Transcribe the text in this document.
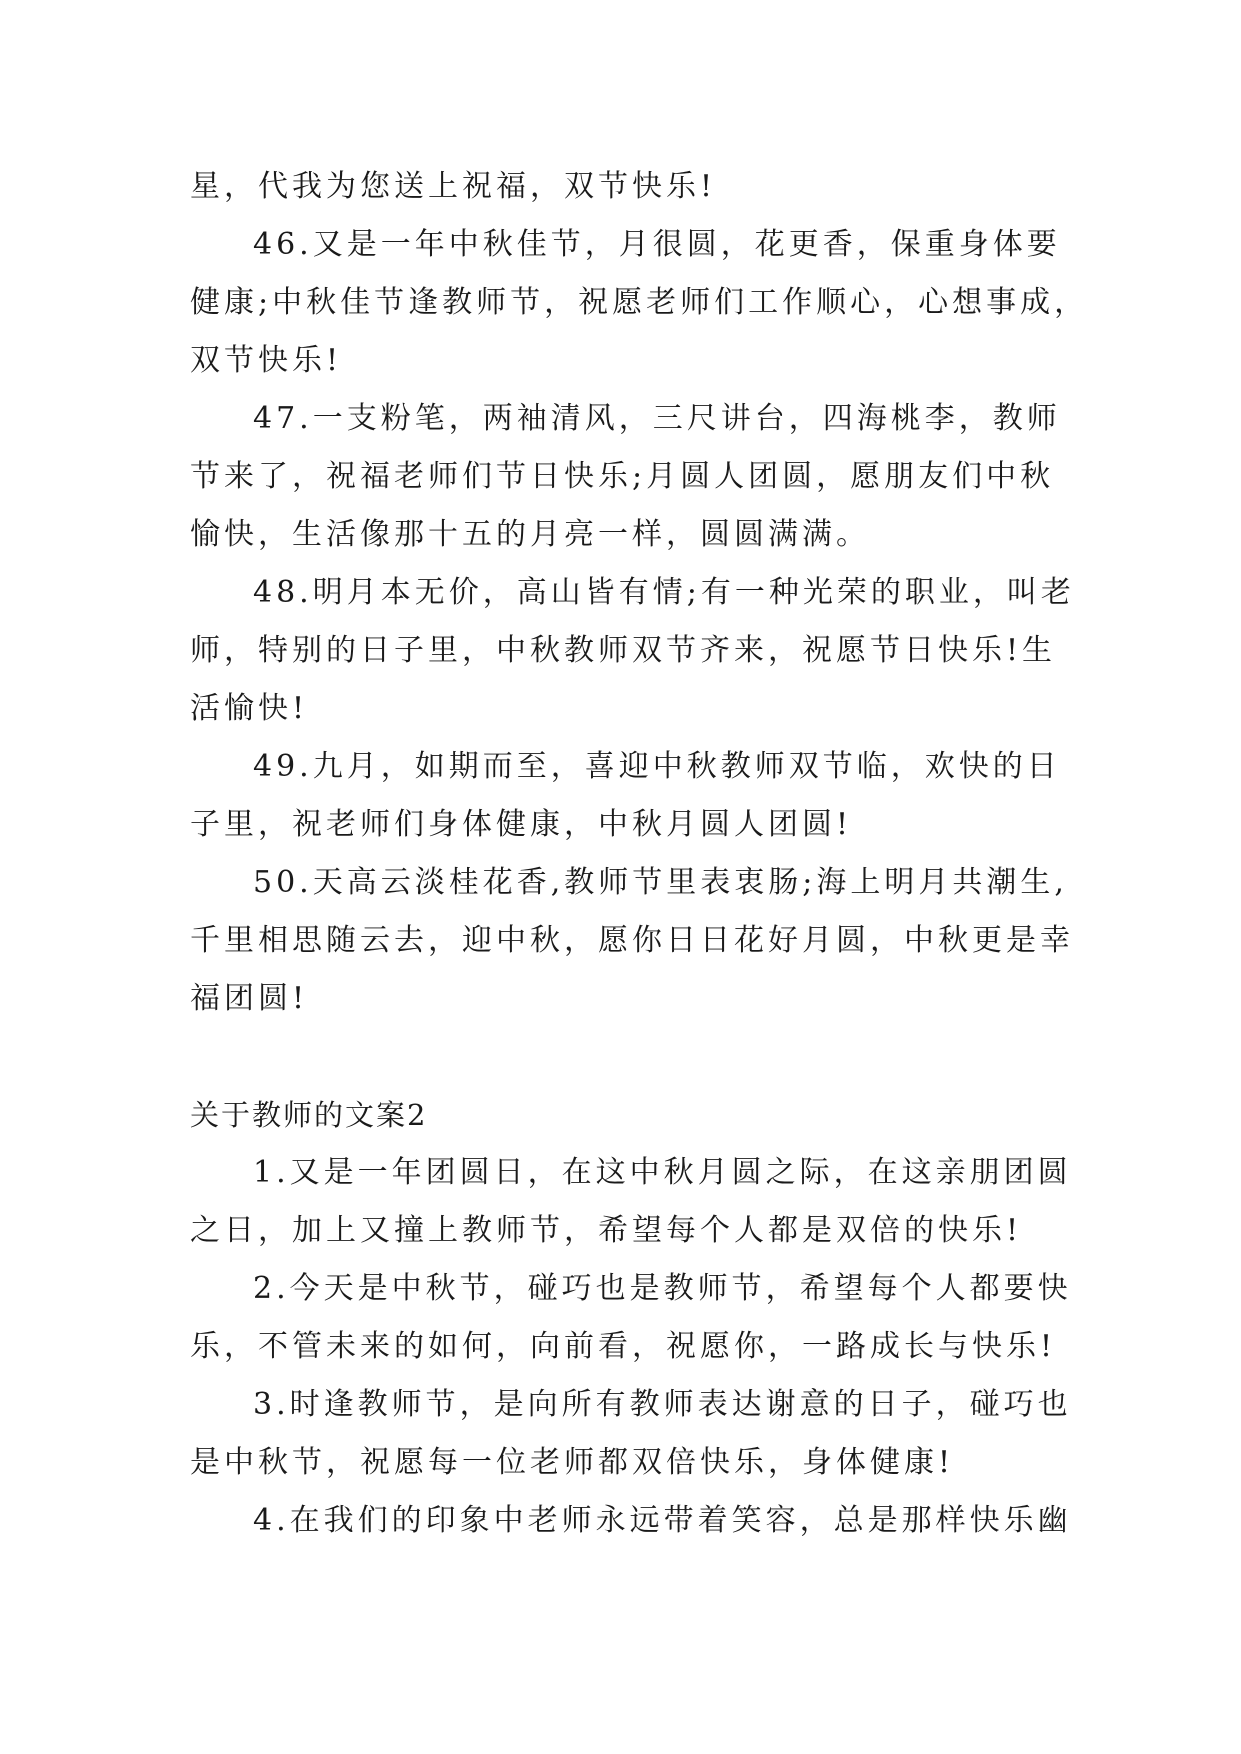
星，代我为您送上祝福，双节快乐!

46.又是一年中秋佳节，月很圆，花更香，保重身体要

健康;中秋佳节逢教师节，祝愿老师们工作顺心，心想事成，

双节快乐!

47.一支粉笔，两袖清风，三尺讲台，四海桃李，教师

节来了，祝福老师们节日快乐;月圆人团圆，愿朋友们中秋

愉快，生活像那十五的月亮一样，圆圆满满。

48.明月本无价，高山皆有情;有一种光荣的职业，叫老

师，特别的日子里，中秋教师双节齐来，祝愿节日快乐!生

活愉快!

49.九月，如期而至，喜迎中秋教师双节临，欢快的日

子里，祝老师们身体健康，中秋月圆人团圆!

50.天高云淡桂花香,教师节里表衷肠;海上明月共潮生,

千里相思随云去，迎中秋，愿你日日花好月圆，中秋更是幸

福团圆!

关于教师的文案2

1.又是一年团圆日，在这中秋月圆之际，在这亲朋团圆

之日，加上又撞上教师节，希望每个人都是双倍的快乐!

2.今天是中秋节，碰巧也是教师节，希望每个人都要快

乐，不管未来的如何，向前看，祝愿你，一路成长与快乐!

3.时逢教师节，是向所有教师表达谢意的日子，碰巧也

是中秋节，祝愿每一位老师都双倍快乐，身体健康!

4.在我们的印象中老师永远带着笑容，总是那样快乐幽
